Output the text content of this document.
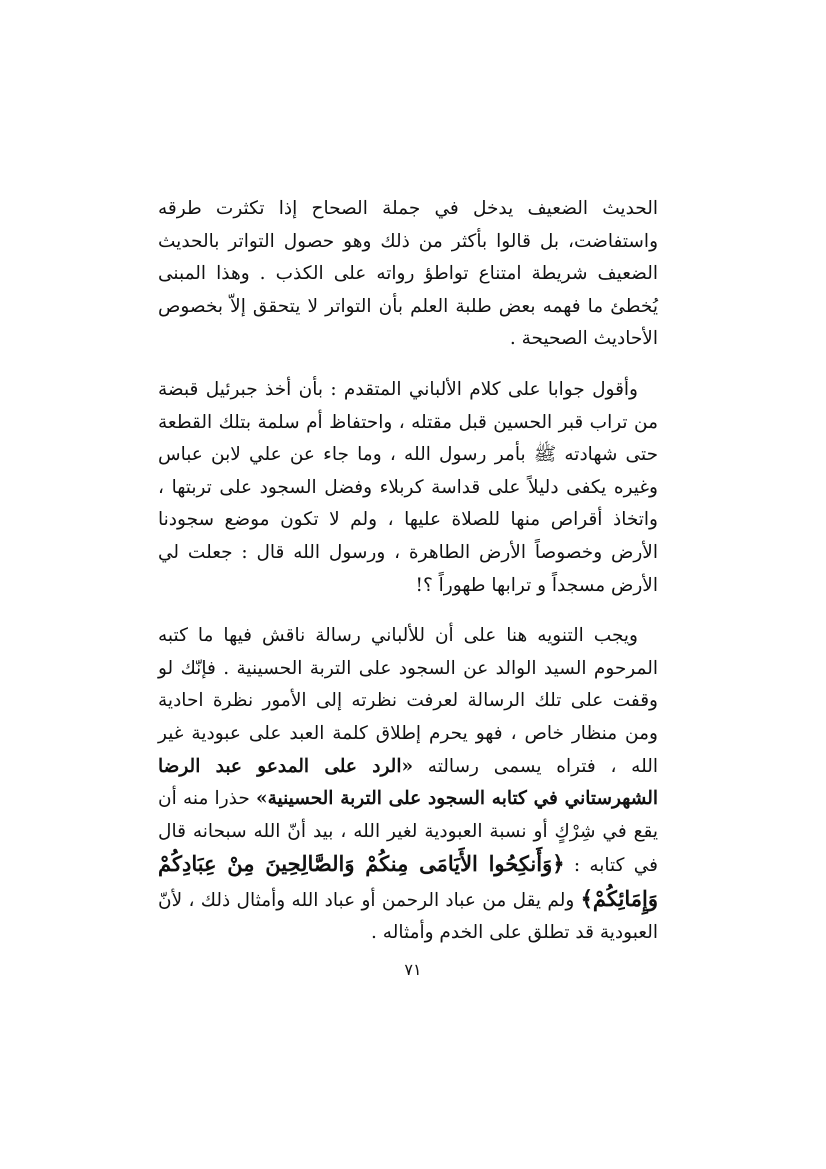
الحديث الضعيف يدخل في جملة الصحاح إذا تكثرت طرقه واستفاضت، بل قالوا بأكثر من ذلك وهو حصول التواتر بالحديث الضعيف شريطة امتناع تواطؤ رواته على الكذب . وهذا المبنى يُخطئ ما فهمه بعض طلبة العلم بأن التواتر لا يتحقق إلاّ بخصوص الأحاديث الصحيحة .

وأقول جوابا على كلام الألباني المتقدم : بأن أخذ جبرئيل قبضة من تراب قبر الحسين قبل مقتله ، واحتفاظ أم سلمة بتلك القطعة حتى شهادته ﷺ بأمر رسول الله ، وما جاء عن علي لابن عباس وغيره يكفى دليلاً على قداسة كربلاء وفضل السجود على تربتها ، واتخاذ أقراص منها للصلاة عليها ، ولم لا تكون موضع سجودنا الأرض وخصوصاً الأرض الطاهرة ، ورسول الله قال : جعلت لي الأرض مسجداً و ترابها طهوراً ؟!

ويجب التنويه هنا على أن للألباني رسالة ناقش فيها ما كتبه المرحوم السيد الوالد عن السجود على التربة الحسينية . فإنّك لو وقفت على تلك الرسالة لعرفت نظرته إلى الأمور نظرة احادية ومن منظار خاص ، فهو يحرم إطلاق كلمة العبد على عبودية غير الله ، فتراه يسمى رسالته «الرد على المدعو عبد الرضا الشهرستاني في كتابه السجود على التربة الحسينية» حذرا منه أن يقع في شِرْكٍ أو نسبة العبودية لغير الله ، بيد أنّ الله سبحانه قال في كتابه : ﴿وَأَنكِحُوا الأَيَامَى مِنكُمْ وَالصَّالِحِينَ مِنْ عِبَادِكُمْ وَإِمَائِكُمْ﴾ ولم يقل من عباد الرحمن أو عباد الله وأمثال ذلك ، لأنّ العبودية قد تطلق على الخدم وأمثاله .

٧١
